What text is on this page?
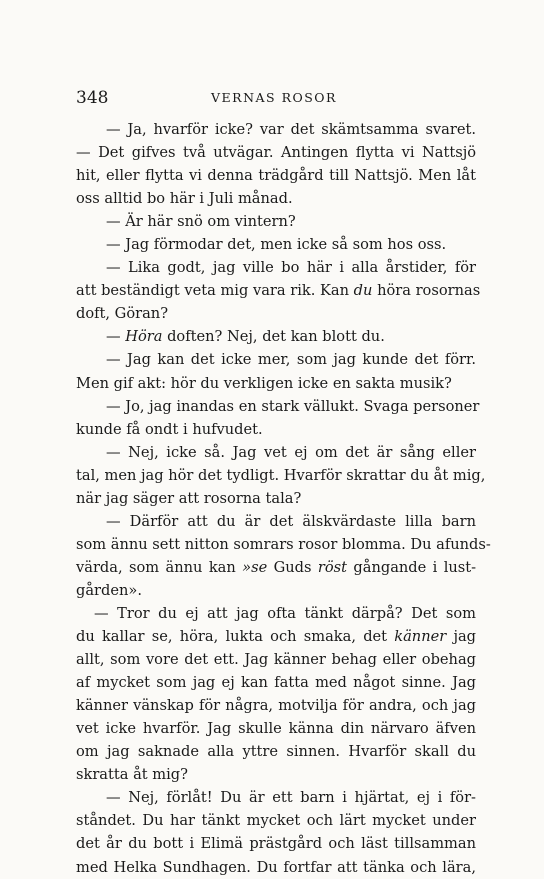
348	VERNAS ROSOR
— Ja, hvarför icke? var det skämtsamma svaret.
— Det gifves två utvägar. Antingen flytta vi Nattsjö
hit, eller flytta vi denna trädgård till Nattsjö. Men låt
oss alltid bo här i Juli månad.
— Är här snö om vintern?
— Jag förmodar det, men icke så som hos oss.
— Lika godt, jag ville bo här i alla årstider, för
att beständigt veta mig vara rik. Kan du höra rosornas
doft, Göran?
— Höra doften? Nej, det kan blott du.
— Jag kan det icke mer, som jag kunde det förr.
Men gif akt: hör du verkligen icke en sakta musik?
— Jo, jag inandas en stark vällukt. Svaga personer
kunde få ondt i hufvudet.
— Nej, icke så. Jag vet ej om det är sång eller
tal, men jag hör det tydligt. Hvarför skrattar du åt mig,
när jag säger att rosorna tala?
— Därför att du är det älskvärdaste lilla barn
som ännu sett nitton somrars rosor blomma. Du afunds-
värda, som ännu kan »se Guds röst gångande i lust-
gården».
— Tror du ej att jag ofta tänkt därpå? Det som
du kallar se, höra, lukta och smaka, det känner jag
allt, som vore det ett. Jag känner behag eller obehag
af mycket som jag ej kan fatta med något sinne. Jag
känner vänskap för några, motvilja för andra, och jag
vet icke hvarför. Jag skulle känna din närvaro äfven
om jag saknade alla yttre sinnen. Hvarför skall du
skratta åt mig?
— Nej, förlåt! Du är ett barn i hjärtat, ej i för-
ståndet. Du har tänkt mycket och lärt mycket under
det år du bott i Elimä prästgård och läst tillsamman
med Helka Sundhagen. Du fortfar att tänka och lära,
